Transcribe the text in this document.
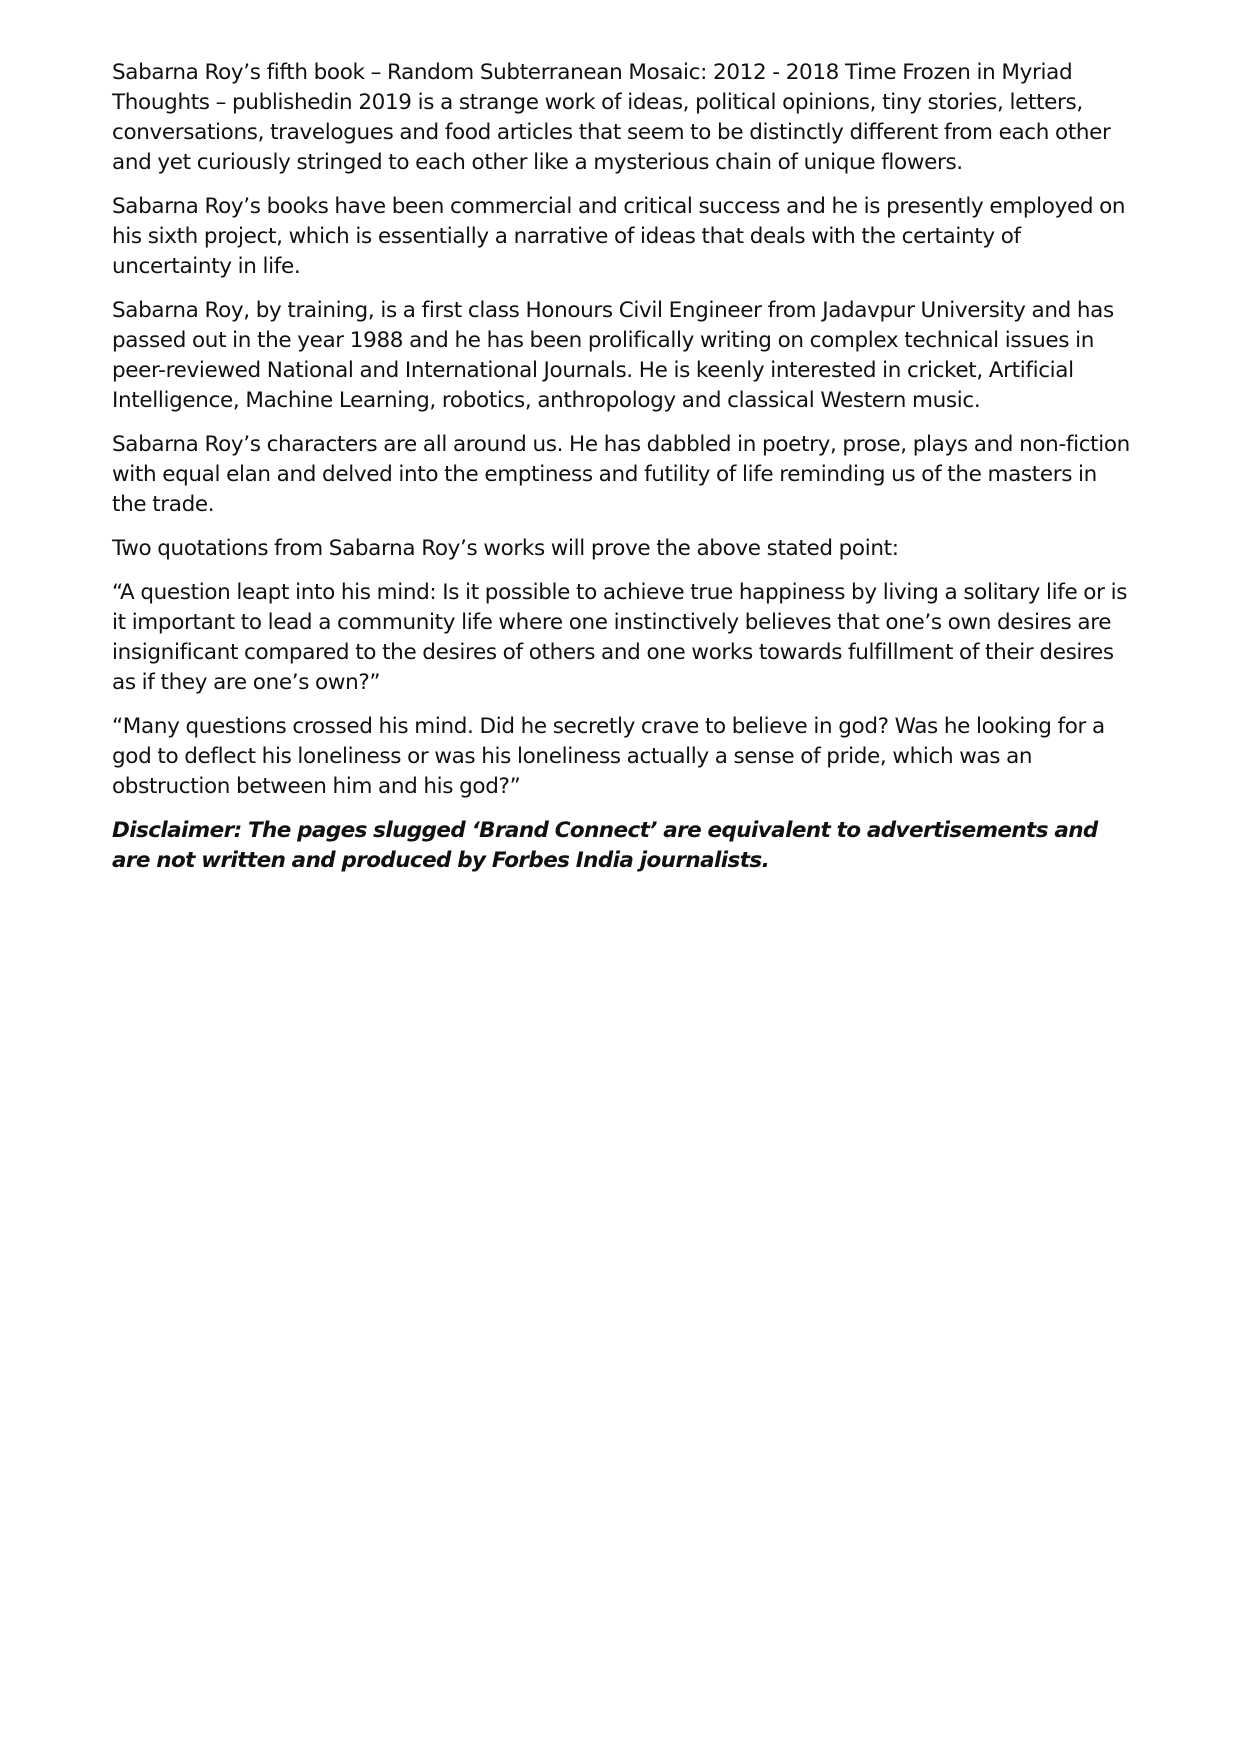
Sabarna Roy’s fifth book – Random Subterranean Mosaic: 2012 - 2018 Time Frozen in Myriad Thoughts – publishedin 2019 is a strange work of ideas, political opinions, tiny stories, letters, conversations, travelogues and food articles that seem to be distinctly different from each other and yet curiously stringed to each other like a mysterious chain of unique flowers.

Sabarna Roy’s books have been commercial and critical success and he is presently employed on his sixth project, which is essentially a narrative of ideas that deals with the certainty of uncertainty in life.

Sabarna Roy, by training, is a first class Honours Civil Engineer from Jadavpur University and has passed out in the year 1988 and he has been prolifically writing on complex technical issues in peer-reviewed National and International Journals. He is keenly interested in cricket, Artificial Intelligence, Machine Learning, robotics, anthropology and classical Western music.

Sabarna Roy’s characters are all around us. He has dabbled in poetry, prose, plays and non-fiction with equal elan and delved into the emptiness and futility of life reminding us of the masters in the trade.

Two quotations from Sabarna Roy’s works will prove the above stated point:

“A question leapt into his mind: Is it possible to achieve true happiness by living a solitary life or is it important to lead a community life where one instinctively believes that one’s own desires are insignificant compared to the desires of others and one works towards fulfillment of their desires as if they are one’s own?”

“Many questions crossed his mind. Did he secretly crave to believe in god? Was he looking for a god to deflect his loneliness or was his loneliness actually a sense of pride, which was an obstruction between him and his god?”

Disclaimer: The pages slugged ‘Brand Connect’ are equivalent to advertisements and are not written and produced by Forbes India journalists.
